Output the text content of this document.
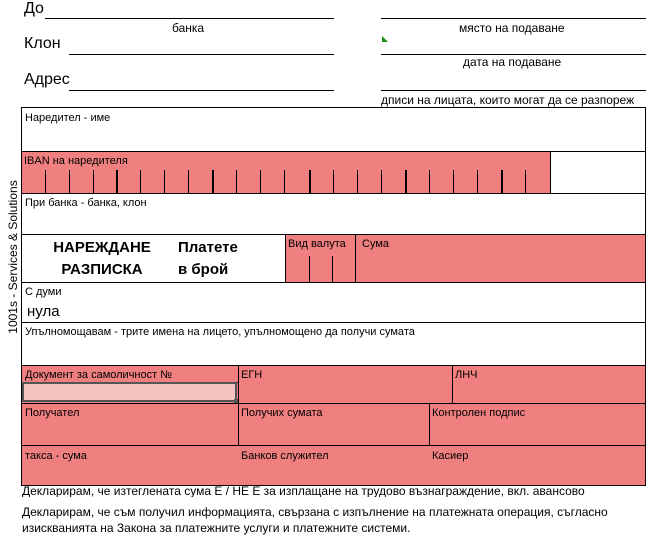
До
банка
Клон
Адрес
място на подаване
дата на подаване
дписи на лицата, които могат да се разпореж
1001s - Services & Solutions
Наредител - име
IBAN на наредителя
При банка - банка, клон
НАРЕЖДАНЕ
РАЗПИСКА
Платете
в брой
Вид валута Сума
С думи
нула
Упълномощавам - трите имена на лицето, упълномощено да получи сумата
Документ за самоличност №	ЕГН	ЛНЧ
Получател	Получих сумата	Контролен подпис
такса - сума	Банков служител	Касиер
Декларирам, че изтеглената сума Е / НЕ Е за изплащане на трудово възнаграждение, вкл. авансово
Декларирам, че съм получил информацията, свързана с изпълнение на платежната операция, съгласно
изискванията на Закона за платежните услуги и платежните системи.
